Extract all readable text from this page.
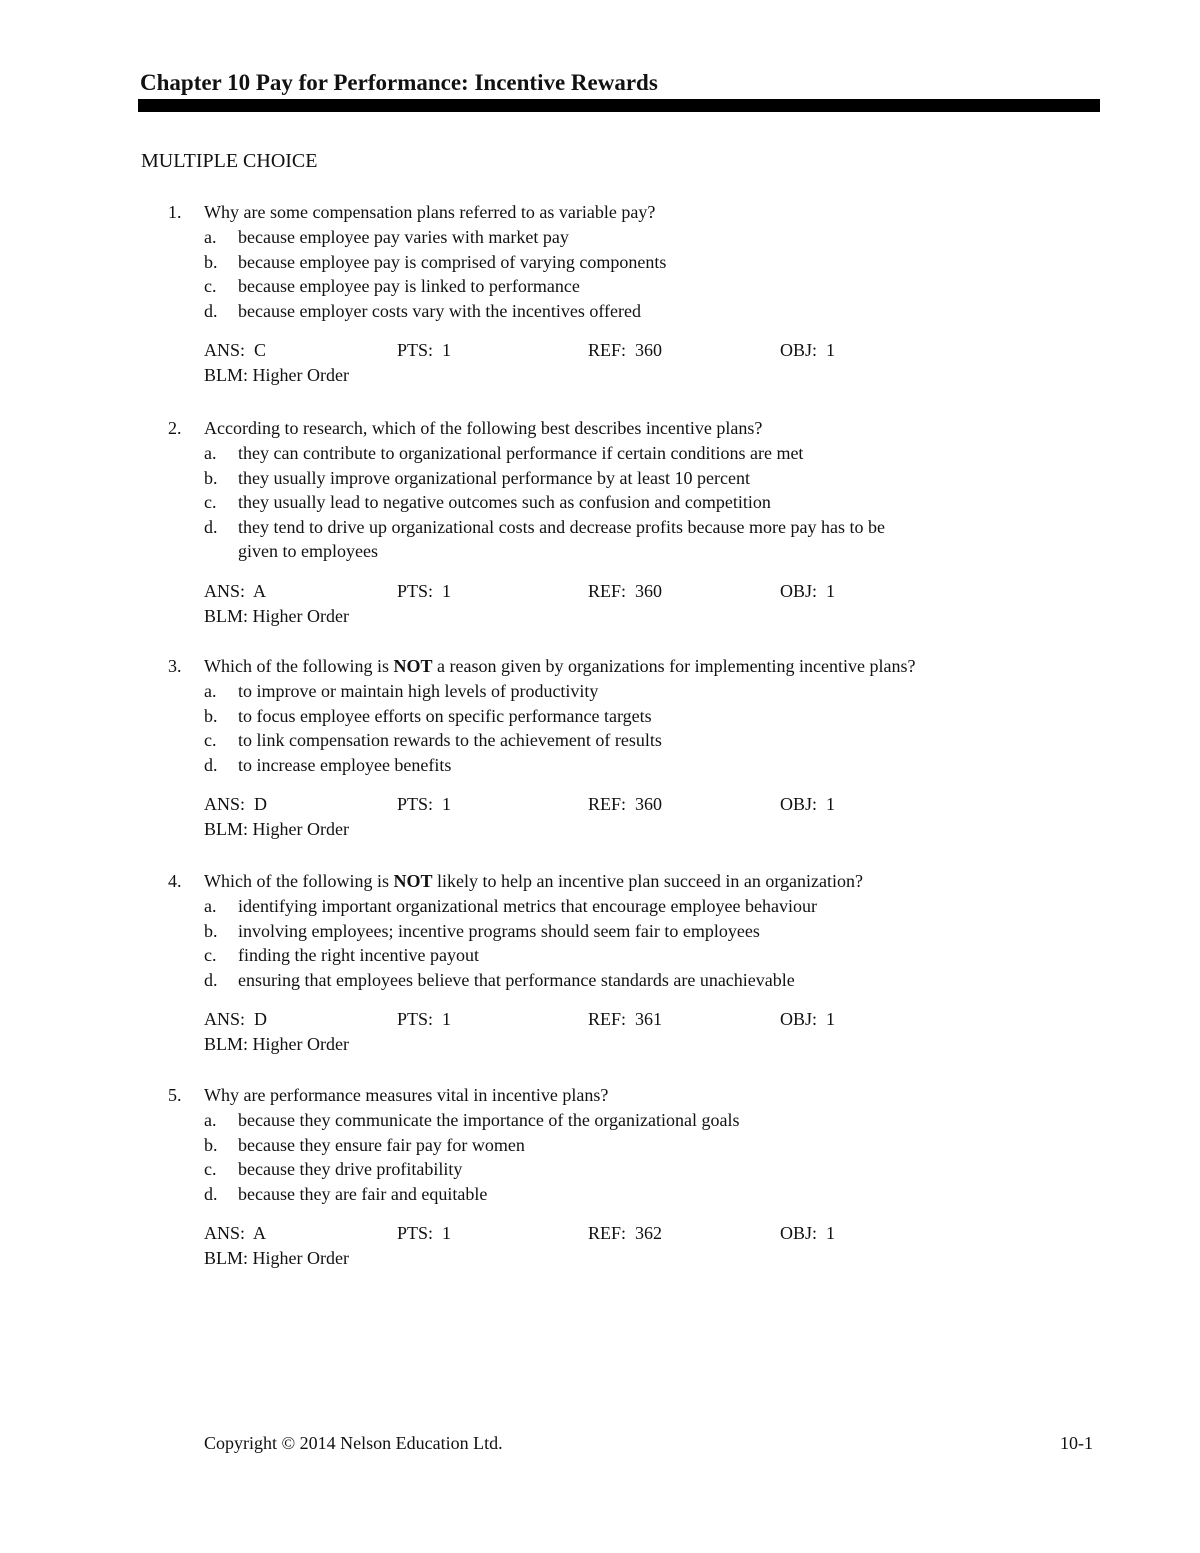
Chapter 10 Pay for Performance: Incentive Rewards
MULTIPLE CHOICE
1. Why are some compensation plans referred to as variable pay?
a. because employee pay varies with market pay
b. because employee pay is comprised of varying components
c. because employee pay is linked to performance
d. because employer costs vary with the incentives offered
ANS: C	PTS: 1	REF: 360	OBJ: 1
BLM: Higher Order
2. According to research, which of the following best describes incentive plans?
a. they can contribute to organizational performance if certain conditions are met
b. they usually improve organizational performance by at least 10 percent
c. they usually lead to negative outcomes such as confusion and competition
d. they tend to drive up organizational costs and decrease profits because more pay has to be
given to employees
ANS: A	PTS: 1	REF: 360	OBJ: 1
BLM: Higher Order
3. Which of the following is NOT a reason given by organizations for implementing incentive plans?
a. to improve or maintain high levels of productivity
b. to focus employee efforts on specific performance targets
c. to link compensation rewards to the achievement of results
d. to increase employee benefits
ANS: D	PTS: 1	REF: 360	OBJ: 1
BLM: Higher Order
4. Which of the following is NOT likely to help an incentive plan succeed in an organization?
a. identifying important organizational metrics that encourage employee behaviour
b. involving employees; incentive programs should seem fair to employees
c. finding the right incentive payout
d. ensuring that employees believe that performance standards are unachievable
ANS: D	PTS: 1	REF: 361	OBJ: 1
BLM: Higher Order
5. Why are performance measures vital in incentive plans?
a. because they communicate the importance of the organizational goals
b. because they ensure fair pay for women
c. because they drive profitability
d. because they are fair and equitable
ANS: A	PTS: 1	REF: 362	OBJ: 1
BLM: Higher Order
Copyright © 2014 Nelson Education Ltd.	10-1
